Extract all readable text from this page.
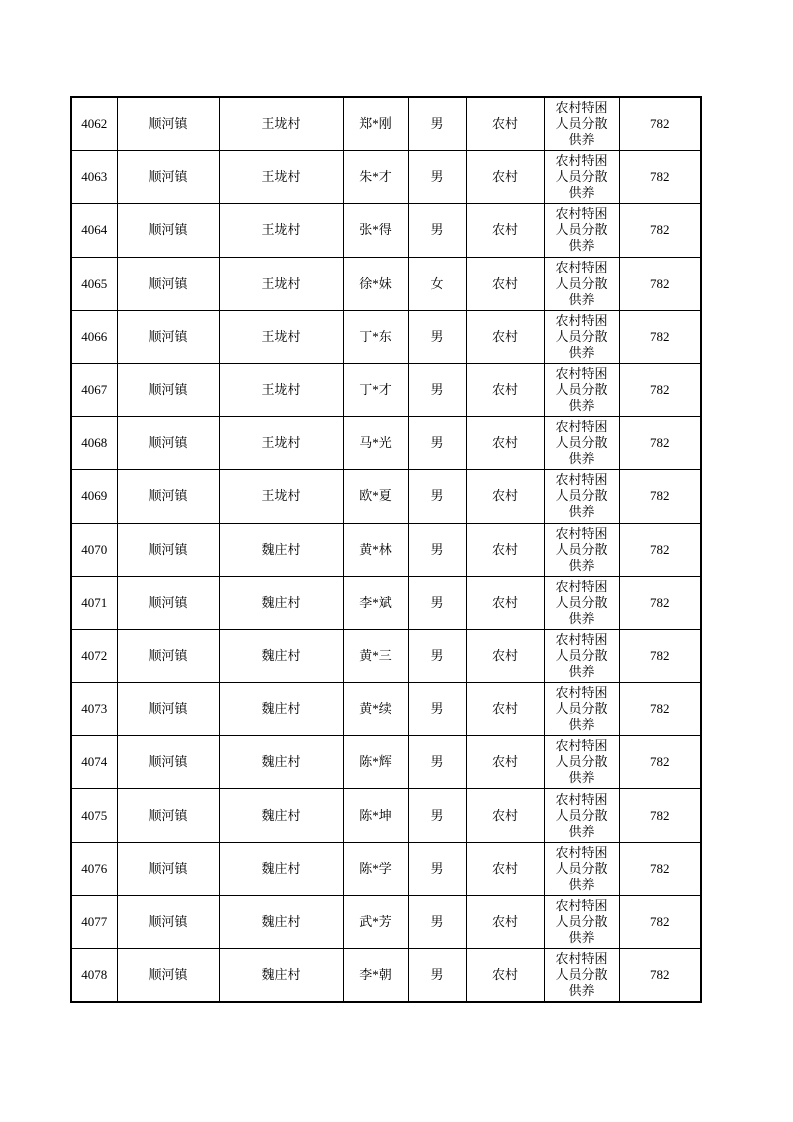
4062	顺河镇	王垅村	郑*刚	男	农村	农村特困人员分散供养	782
4063	顺河镇	王垅村	朱*才	男	农村	农村特困人员分散供养	782
4064	顺河镇	王垅村	张*得	男	农村	农村特困人员分散供养	782
4065	顺河镇	王垅村	徐*妹	女	农村	农村特困人员分散供养	782
4066	顺河镇	王垅村	丁*东	男	农村	农村特困人员分散供养	782
4067	顺河镇	王垅村	丁*才	男	农村	农村特困人员分散供养	782
4068	顺河镇	王垅村	马*光	男	农村	农村特困人员分散供养	782
4069	顺河镇	王垅村	欧*夏	男	农村	农村特困人员分散供养	782
4070	顺河镇	魏庄村	黄*林	男	农村	农村特困人员分散供养	782
4071	顺河镇	魏庄村	李*斌	男	农村	农村特困人员分散供养	782
4072	顺河镇	魏庄村	黄*三	男	农村	农村特困人员分散供养	782
4073	顺河镇	魏庄村	黄*续	男	农村	农村特困人员分散供养	782
4074	顺河镇	魏庄村	陈*辉	男	农村	农村特困人员分散供养	782
4075	顺河镇	魏庄村	陈*坤	男	农村	农村特困人员分散供养	782
4076	顺河镇	魏庄村	陈*学	男	农村	农村特困人员分散供养	782
4077	顺河镇	魏庄村	武*芳	男	农村	农村特困人员分散供养	782
4078	顺河镇	魏庄村	李*朝	男	农村	农村特困人员分散供养	782
